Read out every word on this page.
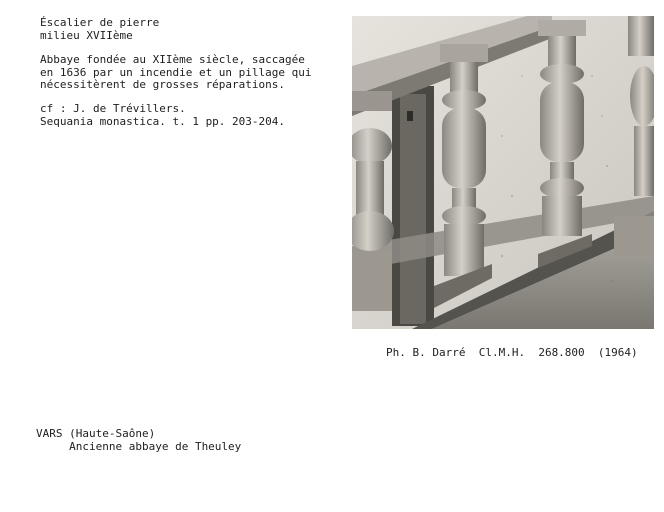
Éscalier de pierre
milieu XVIIème
Abbaye fondée au XIIème siècle, saccagée
en 1636 par un incendie et un pillage qui
nécessitèrent de grosses réparations.
cf : J. de Trévillers.
Sequania monastica. t. 1 pp. 203-204.
Ph. B. Darré  Cl.M.H.  268.800  (1964)
VARS (Haute-Saône)
Ancienne abbaye de Theuley
